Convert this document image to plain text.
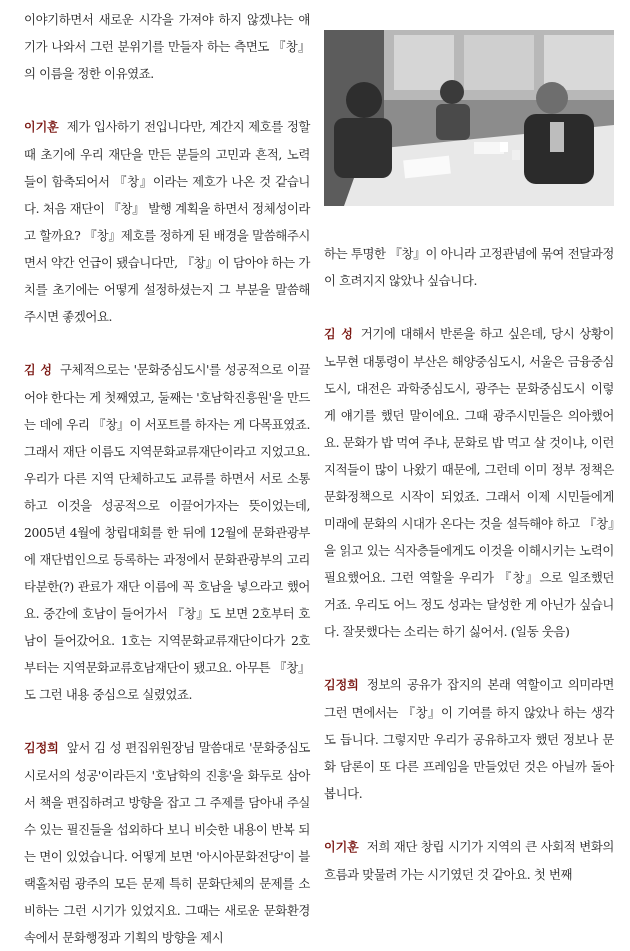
이야기하면서 새로운 시각을 가져야 하지 않겠냐는 얘기가 나와서 그런 분위기를 만들자 하는 측면도 『창』의 이름을 정한 이유였죠.

이기훈 제가 입사하기 전입니다만, 계간지 제호를 정할 때 초기에 우리 재단을 만든 분들의 고민과 흔적, 노력들이 함축되어서 『창』이라는 제호가 나온 것 같습니다. 처음 재단이 『창』 발행 계획을 하면서 정체성이라고 할까요? 『창』제호를 정하게 된 배경을 말씀해주시면서 약간 언급이 됐습니다만, 『창』이 담아야 하는 가치를 초기에는 어떻게 설정하셨는지 그 부분을 말씀해주시면 좋겠어요.

김 성 구체적으로는 '문화중심도시'를 성공적으로 이끌어야 한다는 게 첫째였고, 둘째는 '호남학진흥원'을 만드는 데에 우리 『창』이 서포트를 하자는 게 다목표였죠. 그래서 재단 이름도 지역문화교류재단이라고 지었고요. 우리가 다른 지역 단체하고도 교류를 하면서 서로 소통하고 이것을 성공적으로 이끌어가자는 뜻이었는데, 2005년 4월에 창립대회를 한 뒤에 12월에 문화관광부에 재단법인으로 등록하는 과정에서 문화관광부의 고리타분한(?) 관료가 재단 이름에 꼭 호남을 넣으라고 했어요. 중간에 호남이 들어가서 『창』도 보면 2호부터 호남이 들어갔어요. 1호는 지역문화교류재단이다가 2호부터는 지역문화교류호남재단이 됐고요. 아무튼 『창』도 그런 내용 중심으로 실렸었죠.

김정희 앞서 김 성 편집위원장님 말씀대로 '문화중심도시로서의 성공'이라든지 '호남학의 진흥'을 화두로 삼아서 책을 편집하려고 방향을 잡고 그 주제를 담아내 주실 수 있는 필진들을 섭외하다 보니 비슷한 내용이 반복 되는 면이 있었습니다. 어떻게 보면 '아시아문화전당'이 블랙홀처럼 광주의 모든 문제 특히 문화단체의 문제를 소비하는 그런 시기가 있었지요. 그때는 새로운 문화환경 속에서 문화행정과 기획의 방향을 제시

하는 투명한 『창』이 아니라 고정관념에 묶여 전달과정이 흐려지지 않았나 싶습니다.

김 성 거기에 대해서 반론을 하고 싶은데, 당시 상황이 노무현 대통령이 부산은 해양중심도시, 서울은 금융중심도시, 대전은 과학중심도시, 광주는 문화중심도시 이렇게 얘기를 했던 말이에요. 그때 광주시민들은 의아했어요. 문화가 밥 먹여 주냐, 문화로 밥 먹고 살 것이냐, 이런 지적들이 많이 나왔기 때문에, 그런데 이미 정부 정책은 문화정책으로 시작이 되었죠. 그래서 이제 시민들에게 미래에 문화의 시대가 온다는 것을 설득해야 하고 『창』을 읽고 있는 식자층들에게도 이것을 이해시키는 노력이 필요했어요. 그런 역할을 우리가 『창』으로 일조했던 거죠. 우리도 어느 정도 성과는 달성한 게 아닌가 싶습니다. 잘못했다는 소리는 하기 싫어서. (일동 웃음)

김정희 정보의 공유가 잡지의 본래 역할이고 의미라면 그런 면에서는 『창』이 기여를 하지 않았나 하는 생각도 듭니다. 그렇지만 우리가 공유하고자 했던 정보나 문화 담론이 또 다른 프레임을 만들었던 것은 아닐까 돌아봅니다.

이기훈 저희 재단 창립 시기가 지역의 큰 사회적 변화의 흐름과 맞물려 가는 시기였던 것 같아요. 첫 번째
